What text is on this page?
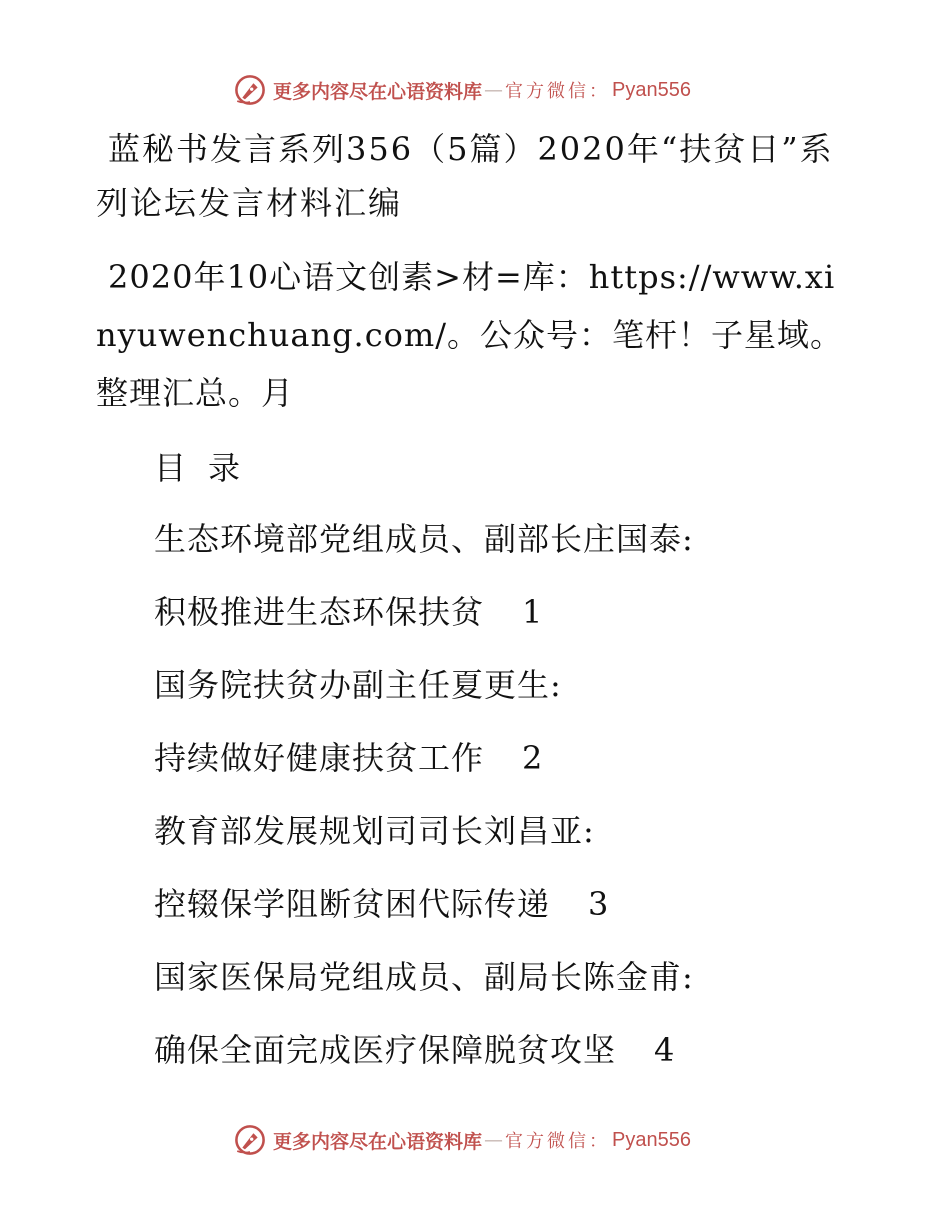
更多内容尽在心语资料库 — 官方微信： Pyan556
蓝秘书发言系列356（5篇）2020年“扶贫日”系列论坛发言材料汇编

2020年10心语文创素>材=库：https://www.xinyuwenchuang.com/。公众号：笔杆！子星域。整理汇总。月

目 录
生态环境部党组成员、副部长庄国泰:
积极推进生态环保扶贫 1
国务院扶贫办副主任夏更生:
持续做好健康扶贫工作 2
教育部发展规划司司长刘昌亚:
控辍保学阻断贫困代际传递 3
国家医保局党组成员、副局长陈金甫:
确保全面完成医疗保障脱贫攻坚 4
更多内容尽在心语资料库 — 官方微信： Pyan556
